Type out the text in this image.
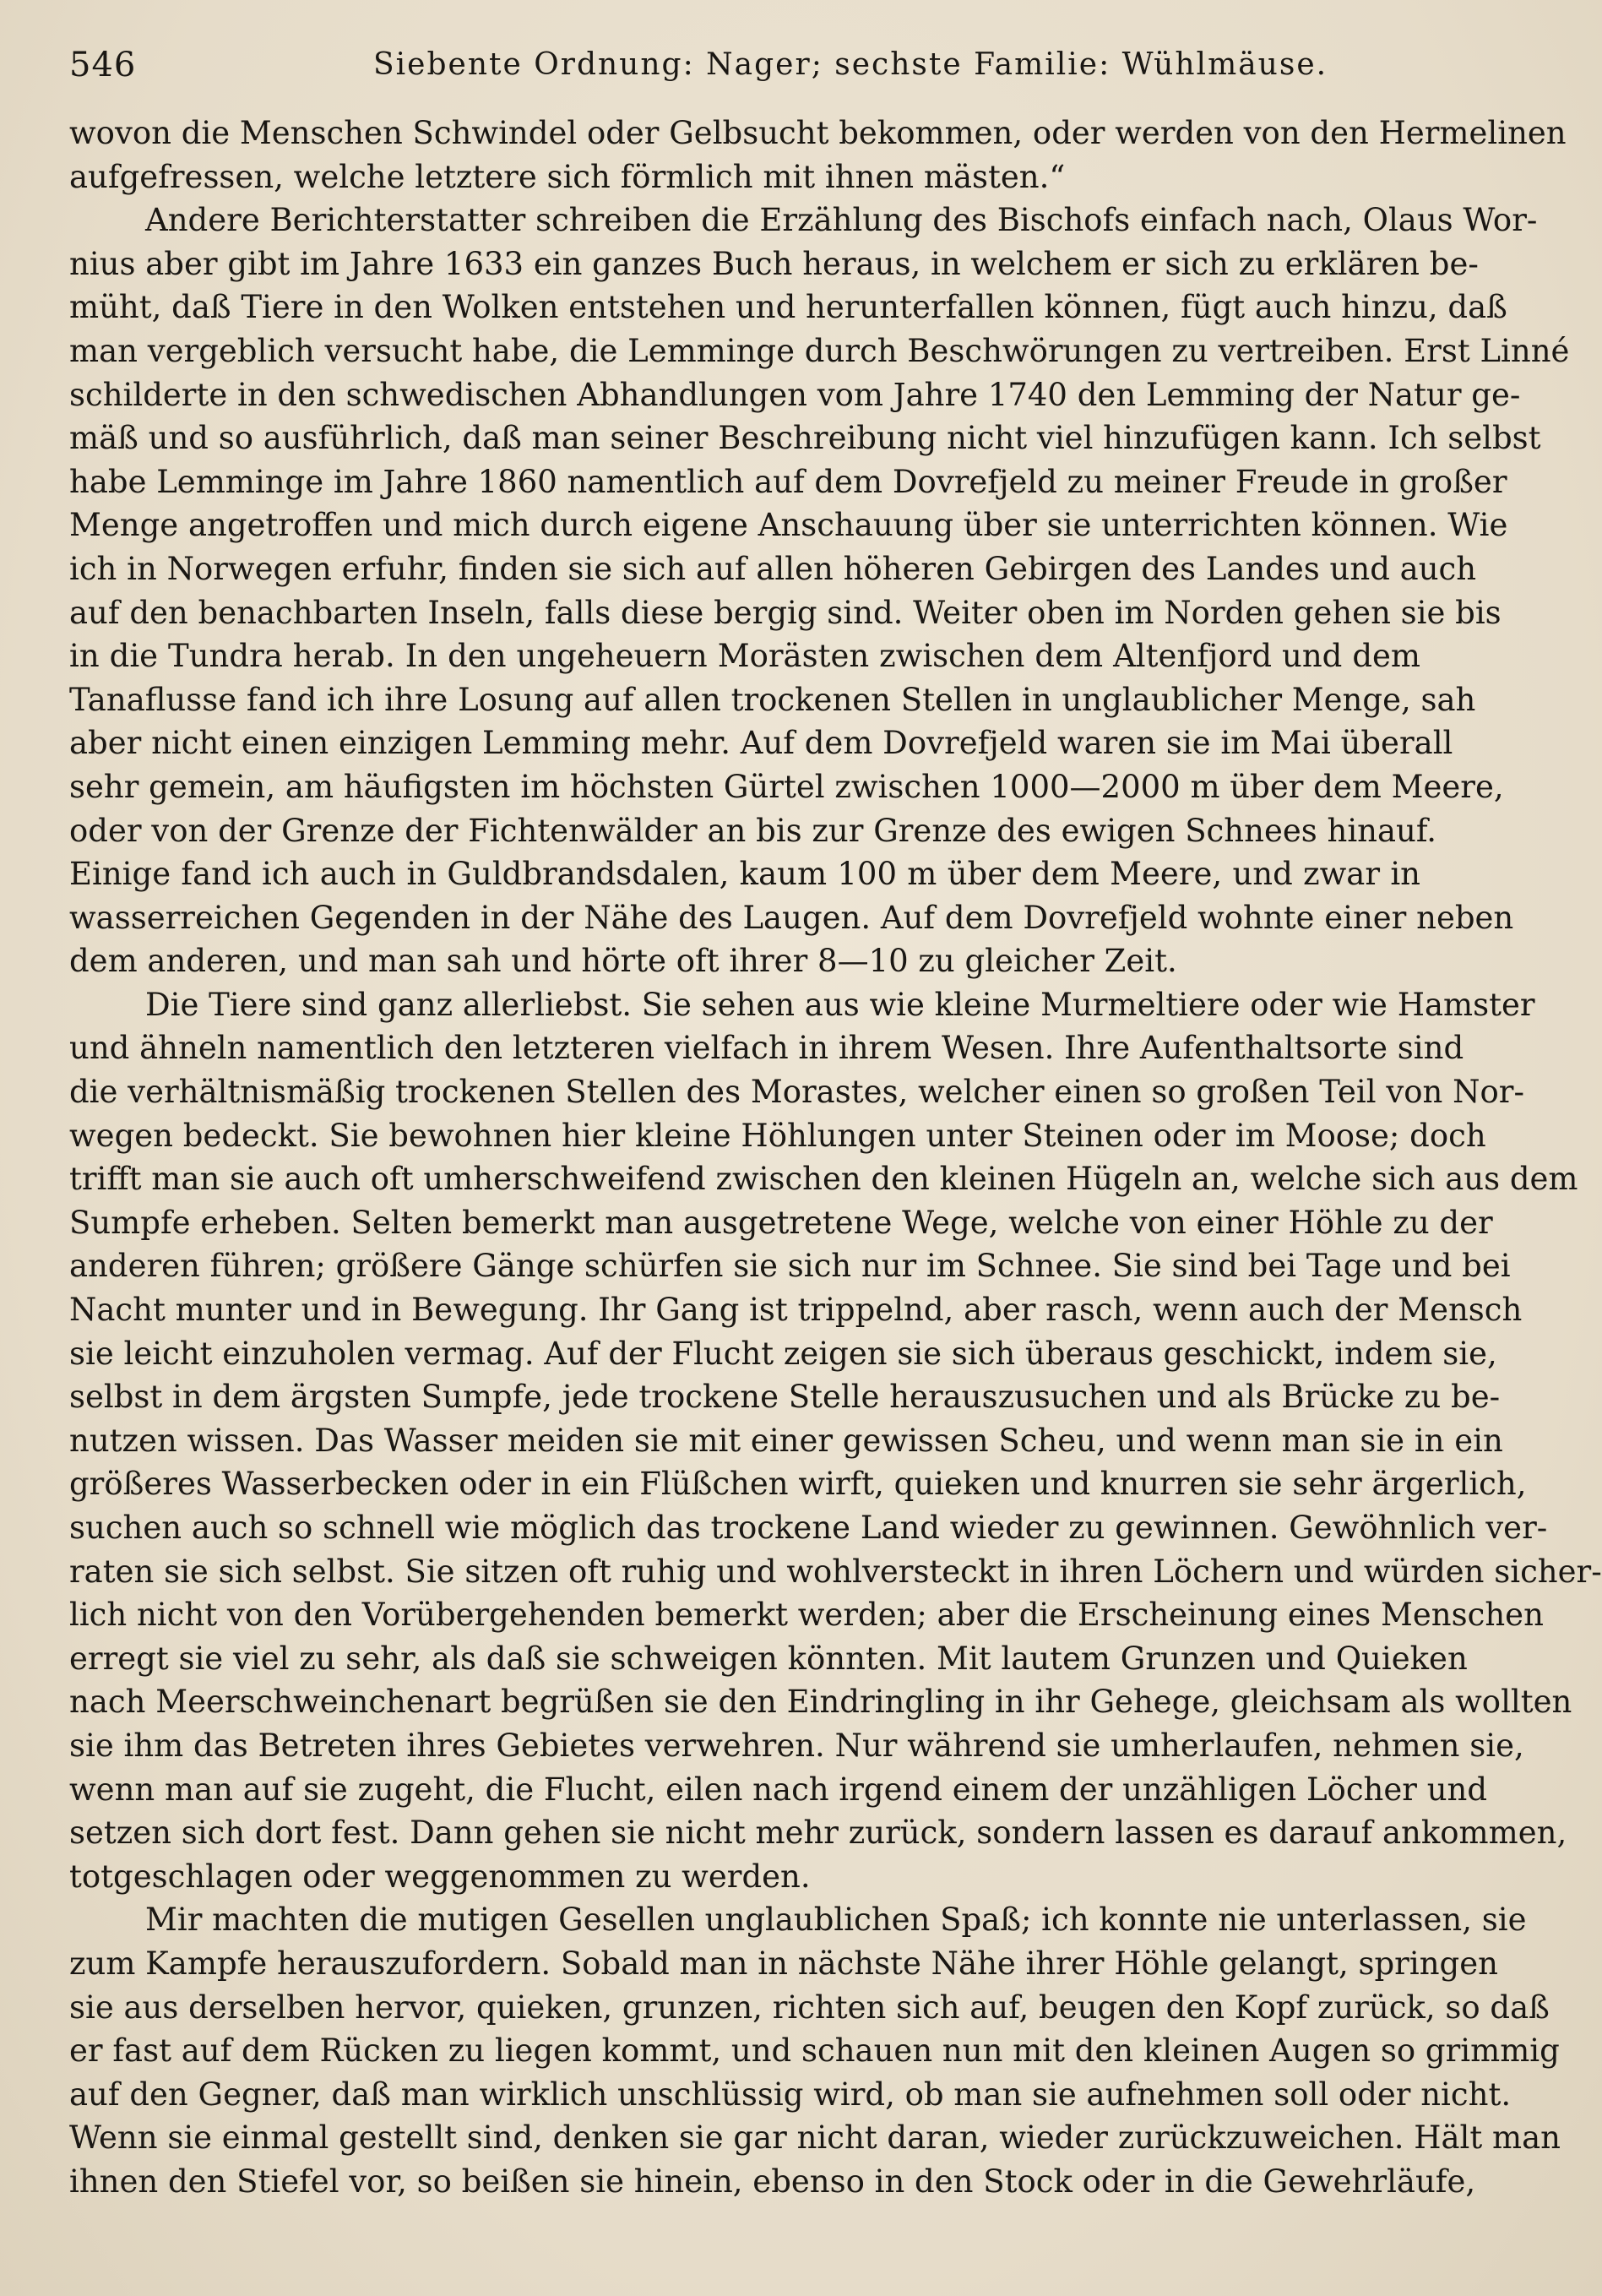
546	Siebente Ordnung: Nager; sechste Familie: Wühlmäuse.
wovon die Menschen Schwindel oder Gelbsucht bekommen, oder werden von den Hermelinen
aufgefressen, welche letztere sich förmlich mit ihnen mästen.“
Andere Berichterstatter schreiben die Erzählung des Bischofs einfach nach, Olaus Wor-
nius aber gibt im Jahre 1633 ein ganzes Buch heraus, in welchem er sich zu erklären be-
müht, daß Tiere in den Wolken entstehen und herunterfallen können, fügt auch hinzu, daß
man vergeblich versucht habe, die Lemminge durch Beschwörungen zu vertreiben. Erst Linné
schilderte in den schwedischen Abhandlungen vom Jahre 1740 den Lemming der Natur ge-
mäß und so ausführlich, daß man seiner Beschreibung nicht viel hinzufügen kann. Ich selbst
habe Lemminge im Jahre 1860 namentlich auf dem Dovrefjeld zu meiner Freude in großer
Menge angetroffen und mich durch eigene Anschauung über sie unterrichten können. Wie
ich in Norwegen erfuhr, finden sie sich auf allen höheren Gebirgen des Landes und auch
auf den benachbarten Inseln, falls diese bergig sind. Weiter oben im Norden gehen sie bis
in die Tundra herab. In den ungeheuern Morästen zwischen dem Altenfjord und dem
Tanaflusse fand ich ihre Losung auf allen trockenen Stellen in unglaublicher Menge, sah
aber nicht einen einzigen Lemming mehr. Auf dem Dovrefjeld waren sie im Mai überall
sehr gemein, am häufigsten im höchsten Gürtel zwischen 1000—2000 m über dem Meere,
oder von der Grenze der Fichtenwälder an bis zur Grenze des ewigen Schnees hinauf.
Einige fand ich auch in Guldbrandsdalen, kaum 100 m über dem Meere, und zwar in
wasserreichen Gegenden in der Nähe des Laugen. Auf dem Dovrefjeld wohnte einer neben
dem anderen, und man sah und hörte oft ihrer 8—10 zu gleicher Zeit.
Die Tiere sind ganz allerliebst. Sie sehen aus wie kleine Murmeltiere oder wie Hamster
und ähneln namentlich den letzteren vielfach in ihrem Wesen. Ihre Aufenthaltsorte sind
die verhältnismäßig trockenen Stellen des Morastes, welcher einen so großen Teil von Nor-
wegen bedeckt. Sie bewohnen hier kleine Höhlungen unter Steinen oder im Moose; doch
trifft man sie auch oft umherschweifend zwischen den kleinen Hügeln an, welche sich aus dem
Sumpfe erheben. Selten bemerkt man ausgetretene Wege, welche von einer Höhle zu der
anderen führen; größere Gänge schürfen sie sich nur im Schnee. Sie sind bei Tage und bei
Nacht munter und in Bewegung. Ihr Gang ist trippelnd, aber rasch, wenn auch der Mensch
sie leicht einzuholen vermag. Auf der Flucht zeigen sie sich überaus geschickt, indem sie,
selbst in dem ärgsten Sumpfe, jede trockene Stelle herauszusuchen und als Brücke zu be-
nutzen wissen. Das Wasser meiden sie mit einer gewissen Scheu, und wenn man sie in ein
größeres Wasserbecken oder in ein Flüßchen wirft, quieken und knurren sie sehr ärgerlich,
suchen auch so schnell wie möglich das trockene Land wieder zu gewinnen. Gewöhnlich ver-
raten sie sich selbst. Sie sitzen oft ruhig und wohlversteckt in ihren Löchern und würden sicher-
lich nicht von den Vorübergehenden bemerkt werden; aber die Erscheinung eines Menschen
erregt sie viel zu sehr, als daß sie schweigen könnten. Mit lautem Grunzen und Quieken
nach Meerschweinchenart begrüßen sie den Eindringling in ihr Gehege, gleichsam als wollten
sie ihm das Betreten ihres Gebietes verwehren. Nur während sie umherlaufen, nehmen sie,
wenn man auf sie zugeht, die Flucht, eilen nach irgend einem der unzähligen Löcher und
setzen sich dort fest. Dann gehen sie nicht mehr zurück, sondern lassen es darauf ankommen,
totgeschlagen oder weggenommen zu werden.
Mir machten die mutigen Gesellen unglaublichen Spaß; ich konnte nie unterlassen, sie
zum Kampfe herauszufordern. Sobald man in nächste Nähe ihrer Höhle gelangt, springen
sie aus derselben hervor, quieken, grunzen, richten sich auf, beugen den Kopf zurück, so daß
er fast auf dem Rücken zu liegen kommt, und schauen nun mit den kleinen Augen so grimmig
auf den Gegner, daß man wirklich unschlüssig wird, ob man sie aufnehmen soll oder nicht.
Wenn sie einmal gestellt sind, denken sie gar nicht daran, wieder zurückzuweichen. Hält man
ihnen den Stiefel vor, so beißen sie hinein, ebenso in den Stock oder in die Gewehrläufe,
